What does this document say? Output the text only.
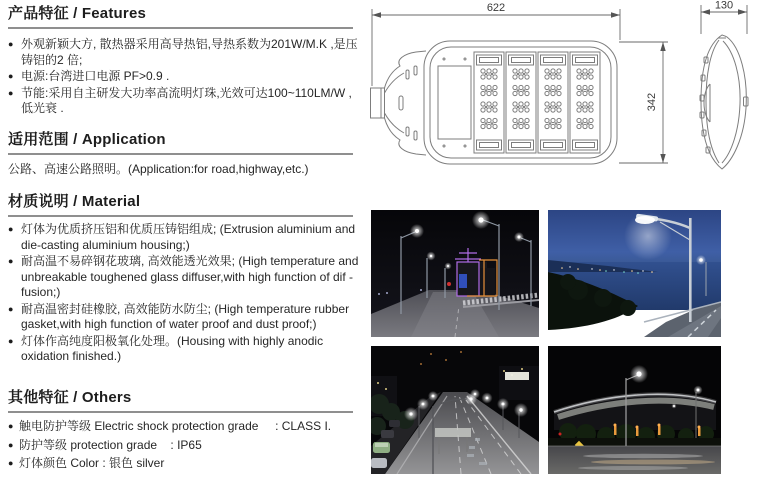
产品特征 / Features
● 外观新颖大方, 散热器采用高导热铝,导热系数为201W/M.K ,是压铸铝的2 倍;
● 电源:台湾进口电源 PF>0.9 .
● 节能:采用自主研发大功率高流明灯珠,光效可达100~110LM/W ,低光衰 .
适用范围 / Application
公路、高速公路照明。(Application:for road,highway,etc.)
材质说明 / Material
● 灯体为优质挤压铝和优质压铸铝组成; (Extrusion aluminium and die-casting aluminium housing;)
● 耐高温不易碎钢花玻璃, 高效能透光效果; (High temperature and unbreakable toughened glass diffuser,with high function of dif - fusion;)
● 耐高温密封硅橡胶, 高效能防水防尘; (High temperature rubber gasket,with high function of water proof and dust proof;)
● 灯体作高纯度阳极氧化处理。(Housing with highly anodic oxidation finished.)
其他特征 / Others
● 触电防护等级 Electric shock protection grade     : CLASS I.
● 防护等级 protection grade    : IP65
● 灯体颜色 Color : 银色 silver
622
342
130
